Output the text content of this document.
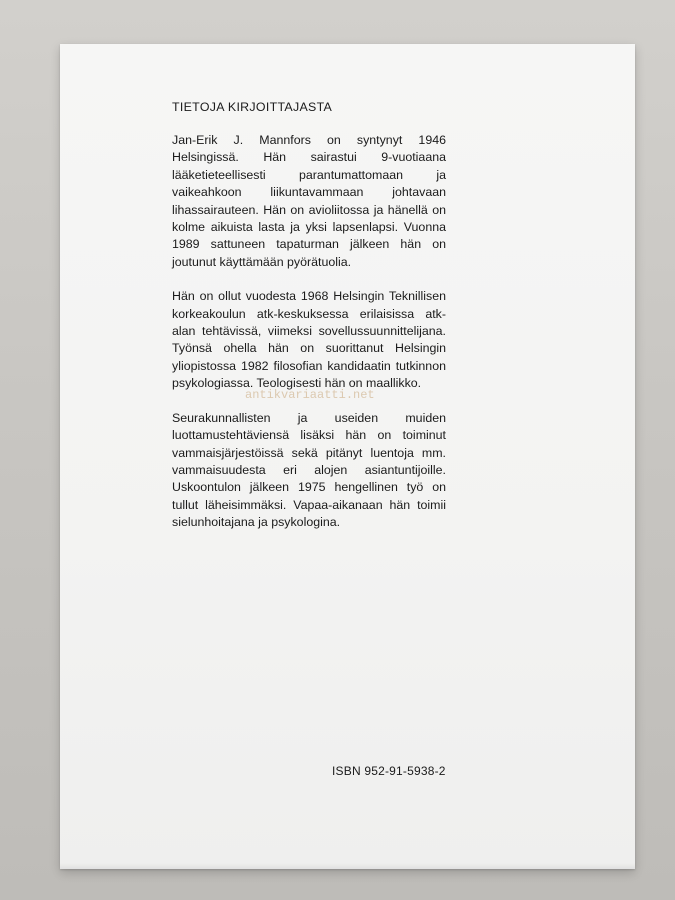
TIETOJA KIRJOITTAJASTA

Jan-Erik J. Mannfors on syntynyt 1946 Helsingissä. Hän sairastui 9-vuotiaana lääketieteellisesti parantumattomaan ja vaikeahkoon liikuntavammaan johtavaan lihassairauteen. Hän on avioliitossa ja hänellä on kolme aikuista lasta ja yksi lapsenlapsi. Vuonna 1989 sattuneen tapaturman jälkeen hän on joutunut käyttämään pyörätuolia.

Hän on ollut vuodesta 1968 Helsingin Teknillisen korkeakoulun atk-keskuksessa erilaisissa atk-alan tehtävissä, viimeksi sovellussuunnittelijana. Työnsä ohella hän on suorittanut Helsingin yliopistossa 1982 filosofian kandidaatin tutkinnon psykologiassa. Teologisesti hän on maallikko.

Seurakunnallisten ja useiden muiden luottamustehtäviensä lisäksi hän on toiminut vammaisjärjestöissä sekä pitänyt luentoja mm. vammaisuudesta eri alojen asiantuntijoille. Uskoontulon jälkeen 1975 hengellinen työ on tullut läheisimmäksi. Vapaa-aikanaan hän toimii sielunhoitajana ja psykologina.

antikvariaatti.net
ISBN 952-91-5938-2
